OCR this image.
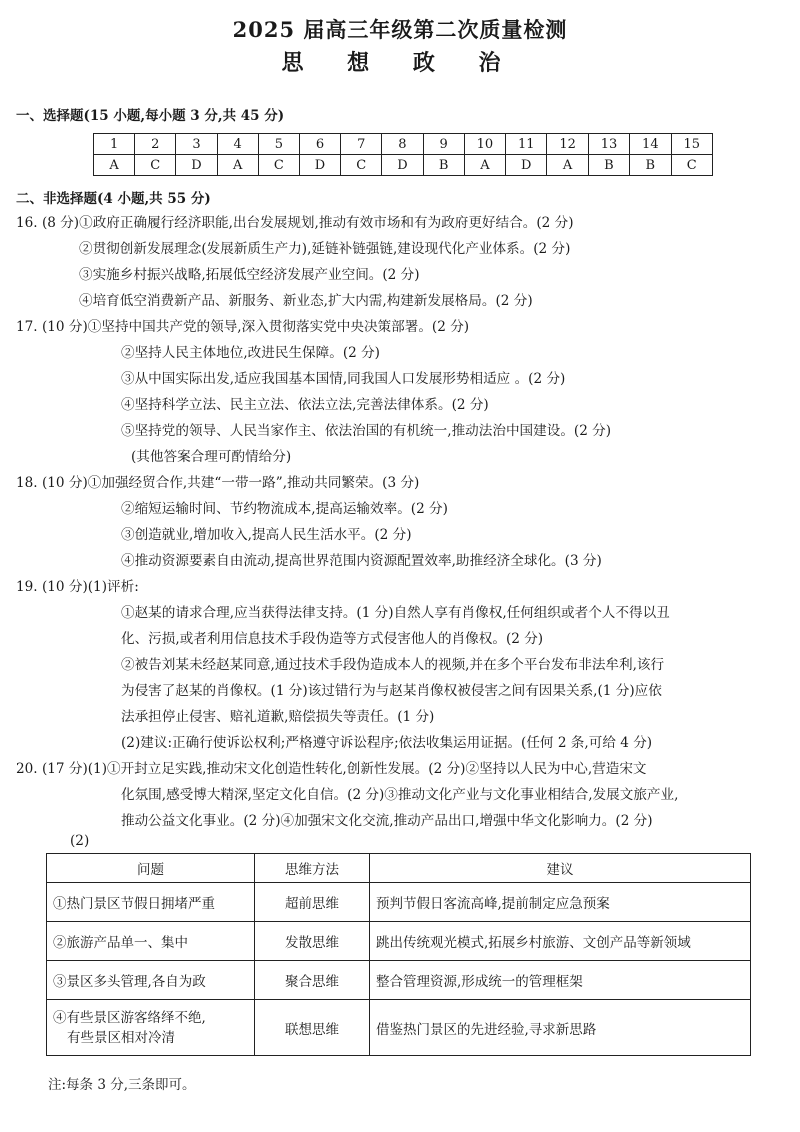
2025 届高三年级第二次质量检测
思 想 政 治
一、选择题(15 小题,每小题 3 分,共 45 分)
1	2	3	4	5	6	7	8	9	10	11	12	13	14	15
A	C	D	A	C	D	C	D	B	A	D	A	B	B	C
二、非选择题(4 小题,共 55 分)
16. (8 分)①政府正确履行经济职能,出台发展规划,推动有效市场和有为政府更好结合。(2 分)
②贯彻创新发展理念(发展新质生产力),延链补链强链,建设现代化产业体系。(2 分)
③实施乡村振兴战略,拓展低空经济发展产业空间。(2 分)
④培育低空消费新产品、新服务、新业态,扩大内需,构建新发展格局。(2 分)
17. (10 分)①坚持中国共产党的领导,深入贯彻落实党中央决策部署。(2 分)
②坚持人民主体地位,改进民生保障。(2 分)
③从中国实际出发,适应我国基本国情,同我国人口发展形势相适应 。(2 分)
④坚持科学立法、民主立法、依法立法,完善法律体系。(2 分)
⑤坚持党的领导、人民当家作主、依法治国的有机统一,推动法治中国建设。(2 分)
(其他答案合理可酌情给分)
18. (10 分)①加强经贸合作,共建“一带一路”,推动共同繁荣。(3 分)
②缩短运输时间、节约物流成本,提高运输效率。(2 分)
③创造就业,增加收入,提高人民生活水平。(2 分)
④推动资源要素自由流动,提高世界范围内资源配置效率,助推经济全球化。(3 分)
19. (10 分)(1)评析:
①赵某的请求合理,应当获得法律支持。(1 分)自然人享有肖像权,任何组织或者个人不得以丑
化、污损,或者利用信息技术手段伪造等方式侵害他人的肖像权。(2 分)
②被告刘某未经赵某同意,通过技术手段伪造成本人的视频,并在多个平台发布非法牟利,该行
为侵害了赵某的肖像权。(1 分)该过错行为与赵某肖像权被侵害之间有因果关系,(1 分)应依
法承担停止侵害、赔礼道歉,赔偿损失等责任。(1 分)
(2)建议:正确行使诉讼权利;严格遵守诉讼程序;依法收集运用证据。(任何 2 条,可给 4 分)
20. (17 分)(1)①开封立足实践,推动宋文化创造性转化,创新性发展。(2 分)②坚持以人民为中心,营造宋文
化氛围,感受博大精深,坚定文化自信。(2 分)③推动文化产业与文化事业相结合,发展文旅产业,
推动公益文化事业。(2 分)④加强宋文化交流,推动产品出口,增强中华文化影响力。(2 分)
(2)
问题	思维方法	建议
①热门景区节假日拥堵严重	超前思维	预判节假日客流高峰,提前制定应急预案
②旅游产品单一、集中	发散思维	跳出传统观光模式,拓展乡村旅游、文创产品等新领域
③景区多头管理,各自为政	聚合思维	整合管理资源,形成统一的管理框架

④有些景区游客络绎不绝,
有些景区相对冷清	联想思维	借鉴热门景区的先进经验,寻求新思路
注:每条 3 分,三条即可。
